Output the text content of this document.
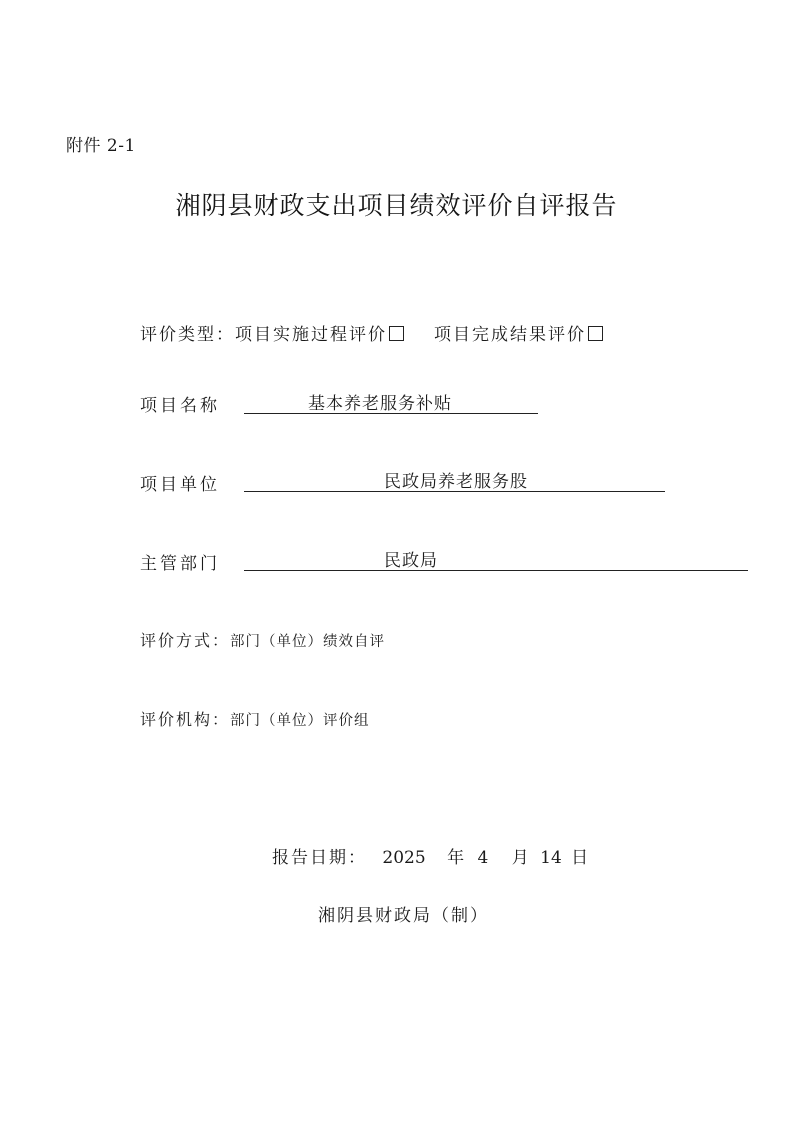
附件 2-1
湘阴县财政支出项目绩效评价自评报告
评价类型：项目实施过程评价	项目完成结果评价
项目名称	基本养老服务补贴
项目单位	民政局养老服务股
主管部门	民政局
评价方式：部门（单位）绩效自评
评价机构：部门（单位）评价组
报告日期： 2025 年 4 月 14 日
湘阴县财政局（制）
